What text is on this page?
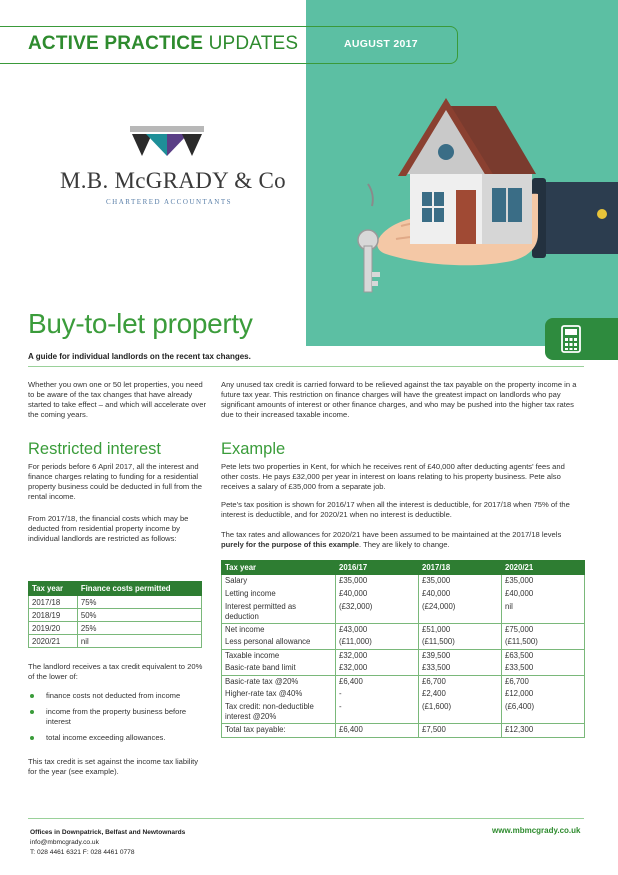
ACTIVE PRACTICE UPDATES	AUGUST 2017
M.B. McGRADY & Co
CHARTERED ACCOUNTANTS
Buy-to-let property
A guide for individual landlords on the recent tax changes.
Whether you own one or 50 let properties, you need to be aware of the tax changes that have already started to take effect – and which will accelerate over the coming years.
Restricted interest
For periods before 6 April 2017, all the interest and finance charges relating to funding for a residential property business could be deducted in full from the rental income.
From 2017/18, the financial costs which may be deducted from residential property income by individual landlords are restricted as follows:
Tax year	Finance costs permitted
2017/18	75%
2018/19	50%
2019/20	25%
2020/21	nil
The landlord receives a tax credit equivalent to 20% of the lower of:
finance costs not deducted from income
income from the property business before interest
total income exceeding allowances.
This tax credit is set against the income tax liability for the year (see example).
Any unused tax credit is carried forward to be relieved against the tax payable on the property income in a future tax year. This restriction on finance charges will have the greatest impact on landlords who pay significant amounts of interest or other finance charges, and who may be pushed into the higher tax rates due to their increased taxable income.
Example
Pete lets two properties in Kent, for which he receives rent of £40,000 after deducting agents' fees and other costs. He pays £32,000 per year in interest on loans relating to his property business. Pete also receives a salary of £35,000 from a separate job.
Pete's tax position is shown for 2016/17 when all the interest is deductible, for 2017/18 when 75% of the interest is deductible, and for 2020/21 when no interest is deductible.
The tax rates and allowances for 2020/21 have been assumed to be maintained at the 2017/18 levels purely for the purpose of this example. They are likely to change.
Tax year	2016/17	2017/18	2020/21
Salary	£35,000	£35,000	£35,000
Letting income	£40,000	£40,000	£40,000
Interest permitted as deduction	(£32,000)	(£24,000)	nil
Net income	£43,000	£51,000	£75,000
Less personal allowance	(£11,000)	(£11,500)	(£11,500)
Taxable income	£32,000	£39,500	£63,500
Basic-rate band limit	£32,000	£33,500	£33,500
Basic-rate tax @20%	£6,400	£6,700	£6,700
Higher-rate tax @40%	-	£2,400	£12,000
Tax credit: non-deductible interest @20%	-	(£1,600)	(£6,400)
Total tax payable:	£6,400	£7,500	£12,300
Offices in Downpatrick, Belfast and Newtownards
info@mbmcgrady.co.uk
T: 028 4461 6321 F: 028 4461 0778
www.mbmcgrady.co.uk
